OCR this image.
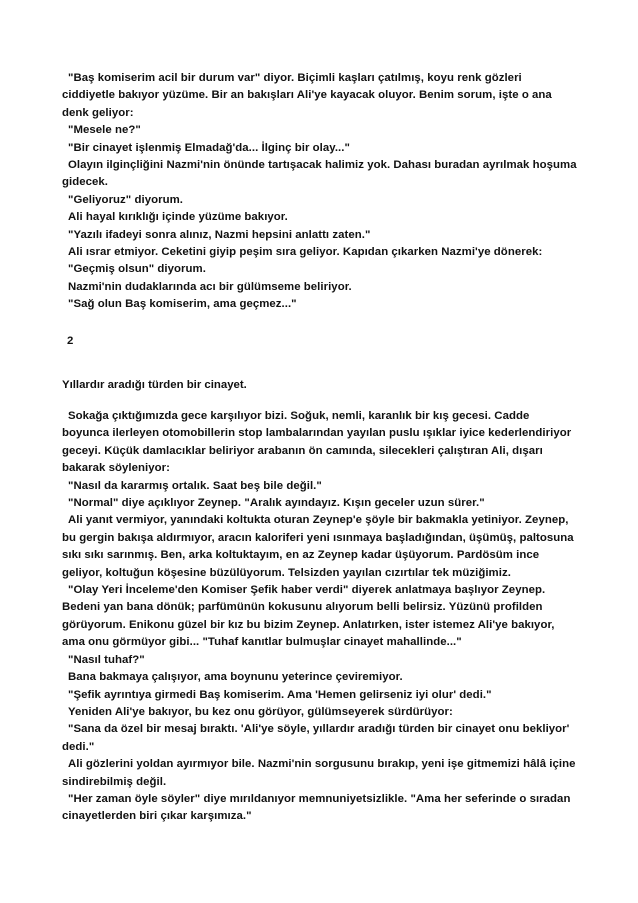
"Baş komiserim acil bir durum var" diyor. Biçimli kaşları çatılmış, koyu renk gözleri ciddiyetle bakıyor yüzüme. Bir an bakışları Ali'ye kayacak oluyor. Benim sorum, işte o ana denk geliyor:

"Mesele ne?"

"Bir cinayet işlenmiş Elmadağ'da... İlginç bir olay..."

Olayın ilginçliğini Nazmi'nin önünde tartışacak halimiz yok. Dahası buradan ayrılmak hoşuma gidecek.

"Geliyoruz" diyorum.

Ali hayal kırıklığı içinde yüzüme bakıyor.

"Yazılı ifadeyi sonra alınız, Nazmi hepsini anlattı zaten."

Ali ısrar etmiyor. Ceketini giyip peşim sıra geliyor. Kapıdan çıkarken Nazmi'ye dönerek:

"Geçmiş olsun" diyorum.

Nazmi'nin dudaklarında acı bir gülümseme beliriyor.

"Sağ olun Baş komiserim, ama geçmez..."

2
Yıllardır aradığı türden bir cinayet.

Sokağa çıktığımızda gece karşılıyor bizi. Soğuk, nemli, karanlık bir kış gecesi. Cadde boyunca ilerleyen otomobillerin stop lambalarından yayılan puslu ışıklar iyice kederlendiriyor geceyi. Küçük damlacıklar beliriyor arabanın ön camında, silecekleri çalıştıran Ali, dışarı bakarak söyleniyor:

"Nasıl da kararmış ortalık. Saat beş bile değil."

"Normal" diye açıklıyor Zeynep. "Aralık ayındayız. Kışın geceler uzun sürer."

Ali yanıt vermiyor, yanındaki koltukta oturan Zeynep'e şöyle bir bakmakla yetiniyor. Zeynep, bu gergin bakışa aldırmıyor, aracın kaloriferi yeni ısınmaya başladığından, üşümüş, paltosuna sıkı sıkı sarınmış. Ben, arka koltuktayım, en az Zeynep kadar üşüyorum. Pardösüm ince geliyor, koltuğun köşesine büzülüyorum. Telsizden yayılan cızırtılar tek müziğimiz.

"Olay Yeri İnceleme'den Komiser Şefik haber verdi" diyerek anlatmaya başlıyor Zeynep. Bedeni yan bana dönük; parfümünün kokusunu alıyorum belli belirsiz. Yüzünü profilden görüyorum. Enikonu güzel bir kız bu bizim Zeynep. Anlatırken, ister istemez Ali'ye bakıyor, ama onu görmüyor gibi... "Tuhaf kanıtlar bulmuşlar cinayet mahallinde..."

"Nasıl tuhaf?"

Bana bakmaya çalışıyor, ama boynunu yeterince çeviremiyor.

"Şefik ayrıntıya girmedi Baş komiserim. Ama 'Hemen gelirseniz iyi olur' dedi."

Yeniden Ali'ye bakıyor, bu kez onu görüyor, gülümseyerek sürdürüyor:

"Sana da özel bir mesaj bıraktı. 'Ali'ye söyle, yıllardır aradığı türden bir cinayet onu bekliyor' dedi."

Ali gözlerini yoldan ayırmıyor bile. Nazmi'nin sorgusunu bırakıp, yeni işe gitmemizi hâlâ içine sindirebilmiş değil.

"Her zaman öyle söyler" diye mırıldanıyor memnuniyetsizlikle. "Ama her seferinde o sıradan cinayetlerden biri çıkar karşımıza."
